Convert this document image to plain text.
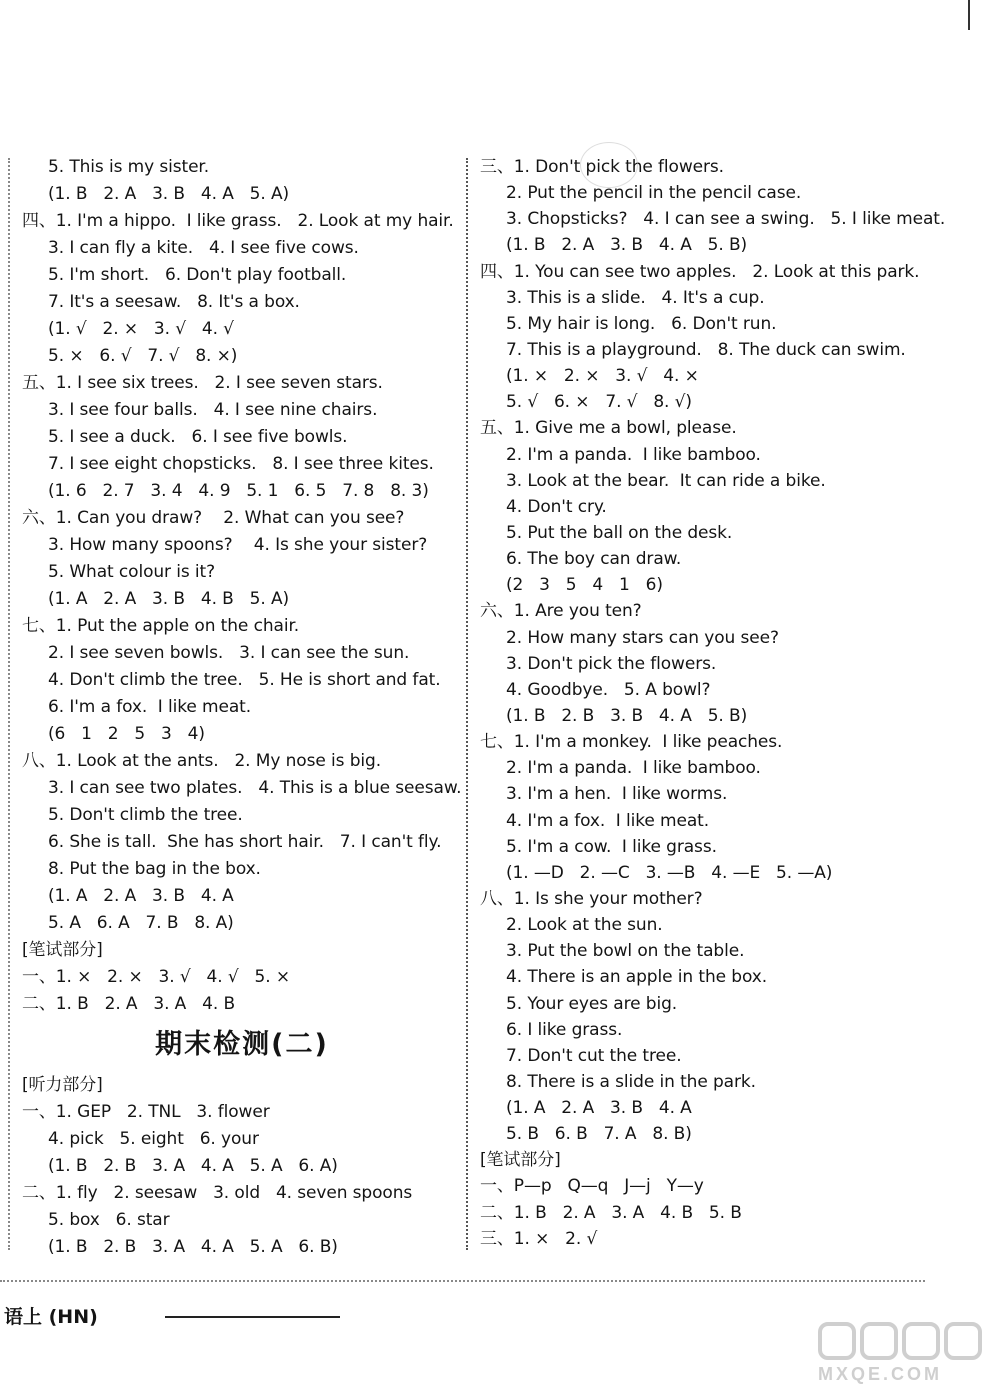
5. This is my sister.
(1. B   2. A   3. B   4. A   5. A)
四、1. I'm a hippo.  I like grass.   2. Look at my hair.
3. I can fly a kite.   4. I see five cows.
5. I'm short.   6. Don't play football.
7. It's a seesaw.   8. It's a box.
(1. √   2. ×   3. √   4. √
5. ×   6. √   7. √   8. ×)
五、1. I see six trees.   2. I see seven stars.
3. I see four balls.   4. I see nine chairs.
5. I see a duck.   6. I see five bowls.
7. I see eight chopsticks.   8. I see three kites.
(1. 6   2. 7   3. 4   4. 9   5. 1   6. 5   7. 8   8. 3)
六、1. Can you draw?    2. What can you see?
3. How many spoons?    4. Is she your sister?
5. What colour is it?
(1. A   2. A   3. B   4. B   5. A)
七、1. Put the apple on the chair.
2. I see seven bowls.   3. I can see the sun.
4. Don't climb the tree.   5. He is short and fat.
6. I'm a fox.  I like meat.
(6   1   2   5   3   4)
八、1. Look at the ants.   2. My nose is big.
3. I can see two plates.   4. This is a blue seesaw.
5. Don't climb the tree.
6. She is tall.  She has short hair.   7. I can't fly.
8. Put the bag in the box.
(1. A   2. A   3. B   4. A
5. A   6. A   7. B   8. A)
[笔试部分]
一、1. ×   2. ×   3. √   4. √   5. ×
二、1. B   2. A   3. A   4. B
期末检测(二)
[听力部分]
一、1. GEP   2. TNL   3. flower
4. pick   5. eight   6. your
(1. B   2. B   3. A   4. A   5. A   6. A)
二、1. fly   2. seesaw   3. old   4. seven spoons
5. box   6. star
(1. B   2. B   3. A   4. A   5. A   6. B)
三、1. Don't pick the flowers.
2. Put the pencil in the pencil case.
3. Chopsticks?   4. I can see a swing.   5. I like meat.
(1. B   2. A   3. B   4. A   5. B)
四、1. You can see two apples.   2. Look at this park.
3. This is a slide.   4. It's a cup.
5. My hair is long.   6. Don't run.
7. This is a playground.   8. The duck can swim.
(1. ×   2. ×   3. √   4. ×
5. √   6. ×   7. √   8. √)
五、1. Give me a bowl, please.
2. I'm a panda.  I like bamboo.
3. Look at the bear.  It can ride a bike.
4. Don't cry.
5. Put the ball on the desk.
6. The boy can draw.
(2   3   5   4   1   6)
六、1. Are you ten?
2. How many stars can you see?
3. Don't pick the flowers.
4. Goodbye.   5. A bowl?
(1. B   2. B   3. B   4. A   5. B)
七、1. I'm a monkey.  I like peaches.
2. I'm a panda.  I like bamboo.
3. I'm a hen.  I like worms.
4. I'm a fox.  I like meat.
5. I'm a cow.  I like grass.
(1. —D   2. —C   3. —B   4. —E   5. —A)
八、1. Is she your mother?
2. Look at the sun.
3. Put the bowl on the table.
4. There is an apple in the box.
5. Your eyes are big.
6. I like grass.
7. Don't cut the tree.
8. There is a slide in the park.
(1. A   2. A   3. B   4. A
5. B   6. B   7. A   8. B)
[笔试部分]
一、P—p   Q—q   J—j   Y—y
二、1. B   2. A   3. A   4. B   5. B
三、1. ×   2. √
语上 (HN)
MXQE.COM
